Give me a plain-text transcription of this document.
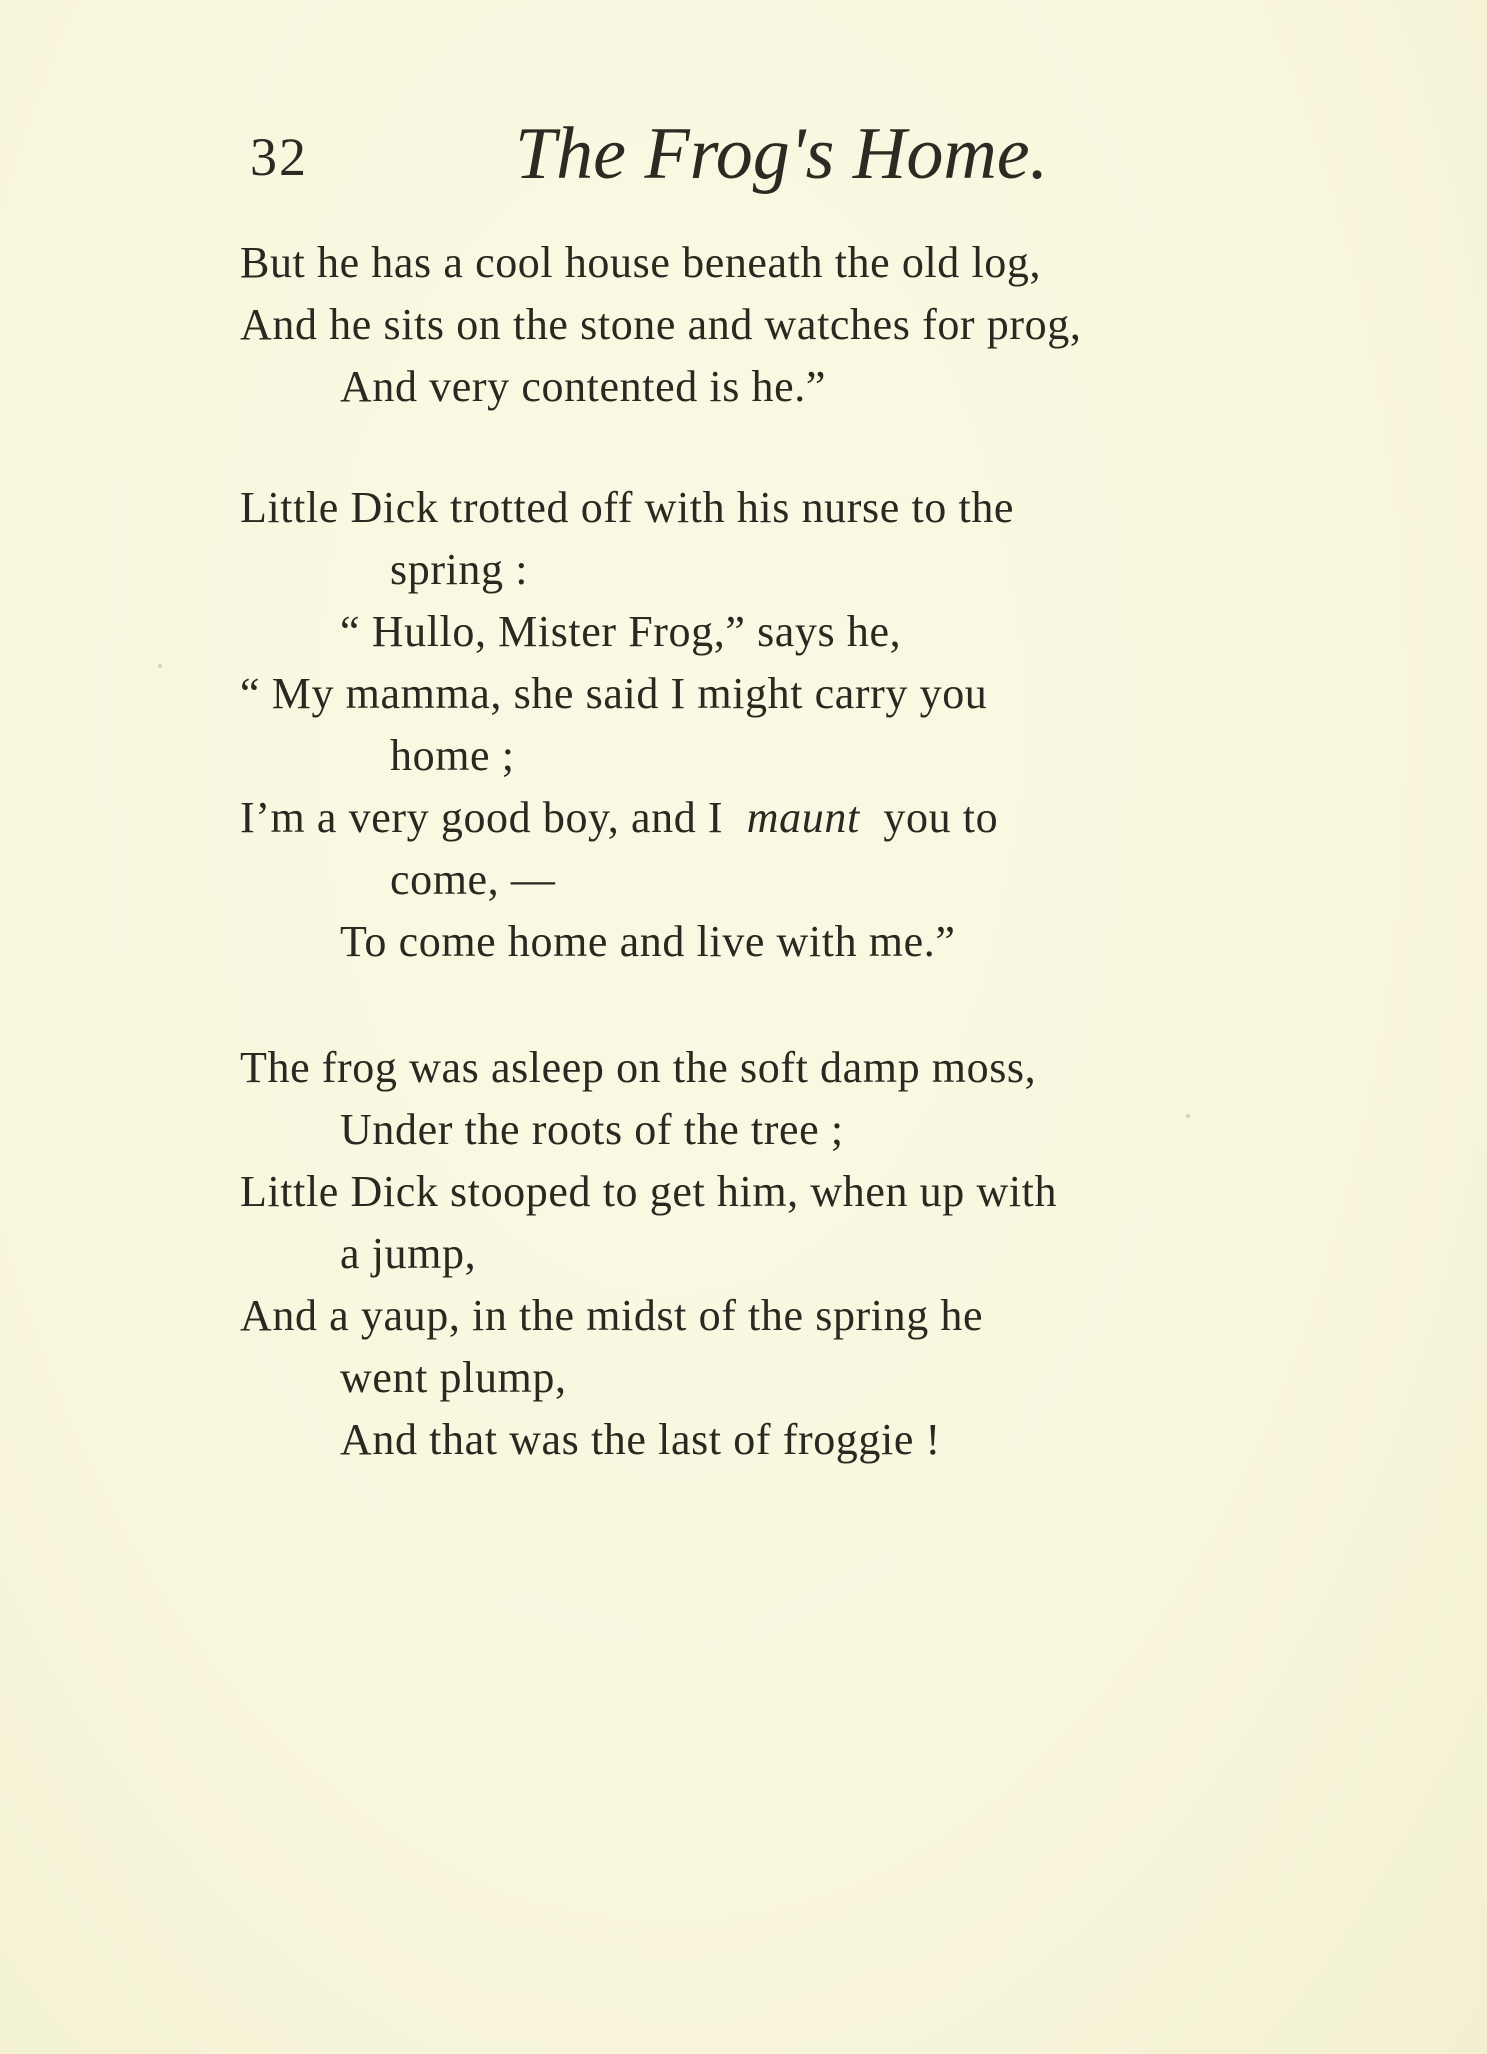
32	The Frog's Home.
But he has a cool house beneath the old log,
And he sits on the stone and watches for prog,
And very contented is he.”
Little Dick trotted off with his nurse to the
spring :
“ Hullo, Mister Frog,” says he,
“ My mamma, she said I might carry you
home ;
I’m a very good boy, and I maunt you to
come, —
To come home and live with me.”
The frog was asleep on the soft damp moss,
Under the roots of the tree ;
Little Dick stooped to get him, when up with
a jump,
And a yaup, in the midst of the spring he
went plump,
And that was the last of froggie !
